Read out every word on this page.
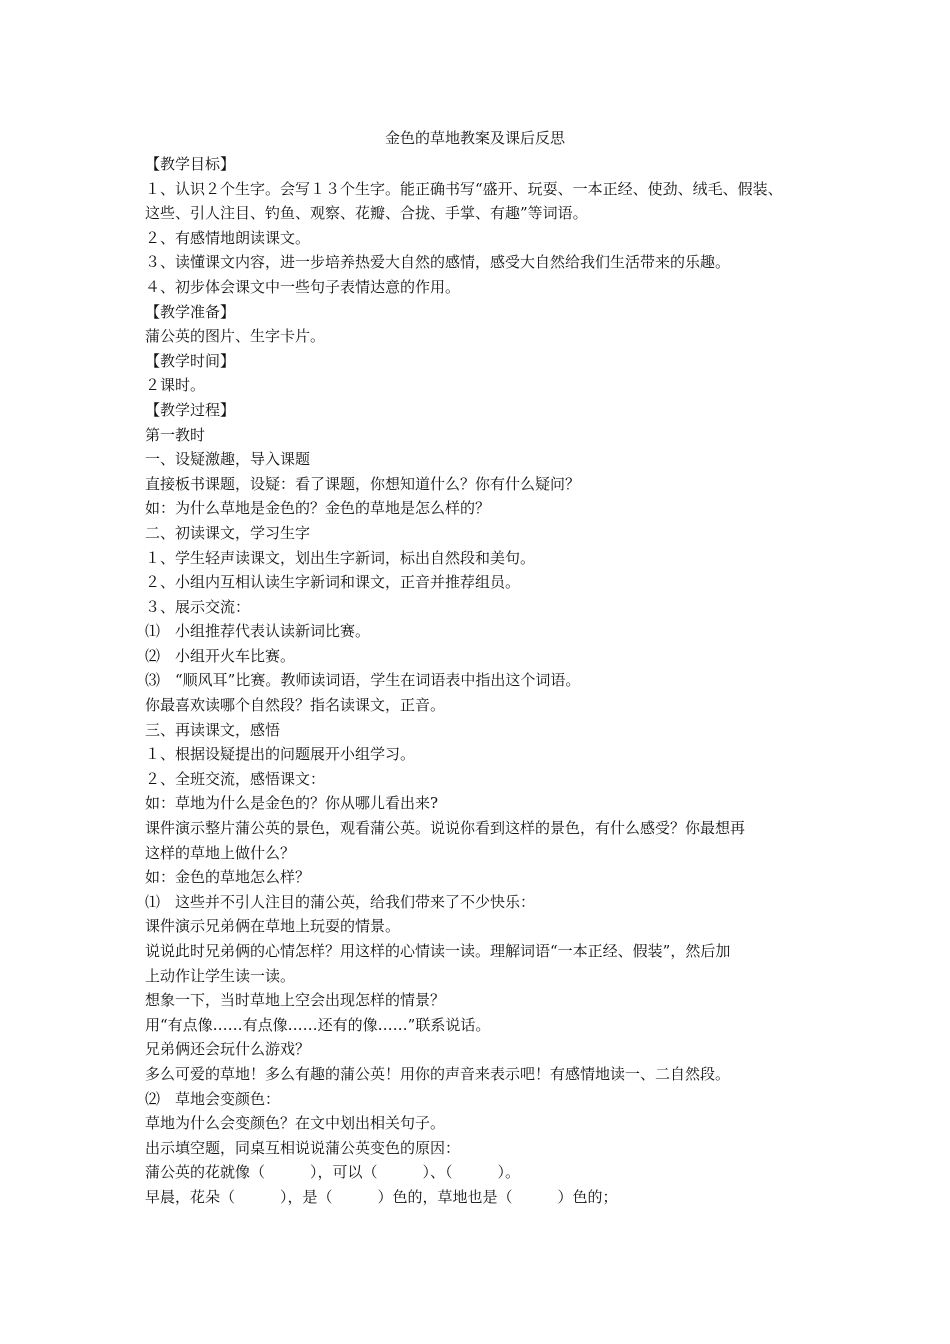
金色的草地教案及课后反思

【教学目标】

１、认识２个生字。会写１３个生字。能正确书写“盛开、玩耍、一本正经、使劲、绒毛、假装、

这些、引人注目、钓鱼、观察、花瓣、合拢、手掌、有趣”等词语。

２、有感情地朗读课文。

３、读懂课文内容，进一步培养热爱大自然的感情，感受大自然给我们生活带来的乐趣。

４、初步体会课文中一些句子表情达意的作用。

【教学准备】

蒲公英的图片、生字卡片。

【教学时间】

２课时。

【教学过程】

第一教时

一、设疑激趣，导入课题

直接板书课题，设疑：看了课题，你想知道什么？你有什么疑问？

如：为什么草地是金色的？金色的草地是怎么样的？

二、初读课文，学习生字

１、学生轻声读课文，划出生字新词，标出自然段和美句。

２、小组内互相认读生字新词和课文，正音并推荐组员。

３、展示交流：

⑴　小组推荐代表认读新词比赛。

⑵　小组开火车比赛。

⑶　“顺风耳”比赛。教师读词语，学生在词语表中指出这个词语。

你最喜欢读哪个自然段？指名读课文，正音。

三、再读课文，感悟

１、根据设疑提出的问题展开小组学习。

２、全班交流，感悟课文：

如：草地为什么是金色的？你从哪儿看出来?

课件演示整片蒲公英的景色，观看蒲公英。说说你看到这样的景色，有什么感受？你最想再

这样的草地上做什么？

如：金色的草地怎么样？

⑴　这些并不引人注目的蒲公英，给我们带来了不少快乐：

课件演示兄弟俩在草地上玩耍的情景。

说说此时兄弟俩的心情怎样？用这样的心情读一读。理解词语“一本正经、假装”，然后加

上动作让学生读一读。

想象一下，当时草地上空会出现怎样的情景？

用“有点像……有点像……还有的像……”联系说话。

兄弟俩还会玩什么游戏？

多么可爱的草地！多么有趣的蒲公英！用你的声音来表示吧！有感情地读一、二自然段。

⑵　草地会变颜色：

草地为什么会变颜色？在文中划出相关句子。

出示填空题，同桌互相说说蒲公英变色的原因：

蒲公英的花就像（　　　），可以（　　　）、（　　　）。

早晨，花朵（　　　），是（　　　）色的，草地也是（　　　）色的；
